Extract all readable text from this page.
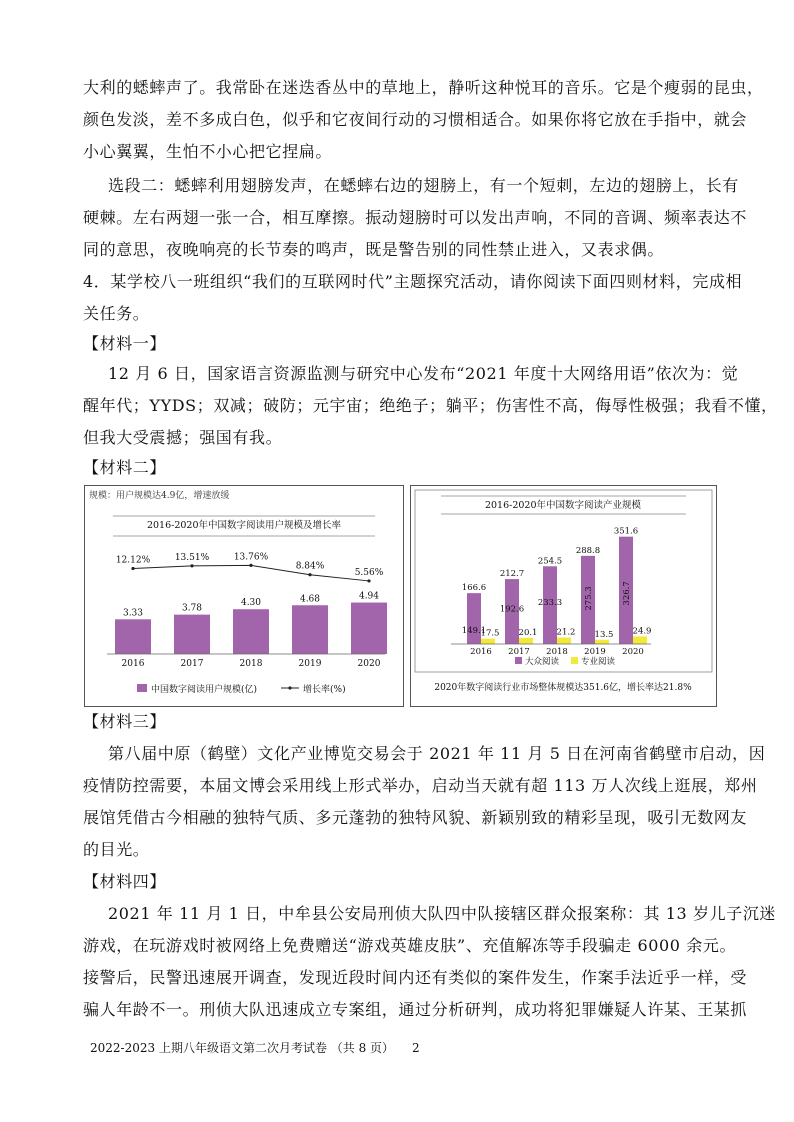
大利的蟋蟀声了。我常卧在迷迭香丛中的草地上，静听这种悦耳的音乐。它是个瘦弱的昆虫，
颜色发淡，差不多成白色，似乎和它夜间行动的习惯相适合。如果你将它放在手指中，就会
小心翼翼，生怕不小心把它捏扁。
选段二：蟋蟀利用翅膀发声，在蟋蟀右边的翅膀上，有一个短刺，左边的翅膀上，长有
硬棘。左右两翅一张一合，相互摩擦。振动翅膀时可以发出声响，不同的音调、频率表达不
同的意思，夜晚响亮的长节奏的鸣声，既是警告别的同性禁止进入，又表求偶。
4．某学校八一班组织“我们的互联网时代”主题探究活动，请你阅读下面四则材料，完成相
关任务。
【材料一】
12 月 6 日，国家语言资源监测与研究中心发布“2021 年度十大网络用语”依次为：觉
醒年代；YYDS；双减；破防；元宇宙；绝绝子；躺平；伤害性不高，侮辱性极强；我看不懂，
但我大受震撼；强国有我。
【材料二】
规模：用户规模达4.9亿，增速放缓
2016-2020年中国数字阅读用户规模及增长率
3.33	3.78
4.30	4.68	4.94
12.12%	13.51%	13.76%
8.84%
5.56%
2016	2017	2018	2019	2020
中国数字阅读用户规模(亿)	增长率(%)
2016-2020年中国数字阅读产业规模
166.6
149.1
17.5
212.7
192.6
20.1
254.5
233.3
21.2
288.8
275.3
13.5
351.6
326.7
24.9
2016 2017 2018 2019 2020
大众阅读	专业阅读
2020年数字阅读行业市场整体规模达351.6亿，增长率达21.8%
【材料三】
第八届中原（鹤壁）文化产业博览交易会于 2021 年 11 月 5 日在河南省鹤壁市启动，因
疫情防控需要，本届文博会采用线上形式举办，启动当天就有超 113 万人次线上逛展，郑州
展馆凭借古今相融的独特气质、多元蓬勃的独特风貌、新颖别致的精彩呈现，吸引无数网友
的目光。
【材料四】
2021 年 11 月 1 日，中牟县公安局刑侦大队四中队接辖区群众报案称：其 13 岁儿子沉迷
游戏，在玩游戏时被网络上免费赠送“游戏英雄皮肤”、充值解冻等手段骗走 6000 余元。
接警后，民警迅速展开调查，发现近段时间内还有类似的案件发生，作案手法近乎一样，受
骗人年龄不一。刑侦大队迅速成立专案组，通过分析研判，成功将犯罪嫌疑人许某、王某抓
2022-2023 上期八年级语文第二次月考试卷 （共 8 页）　　2
